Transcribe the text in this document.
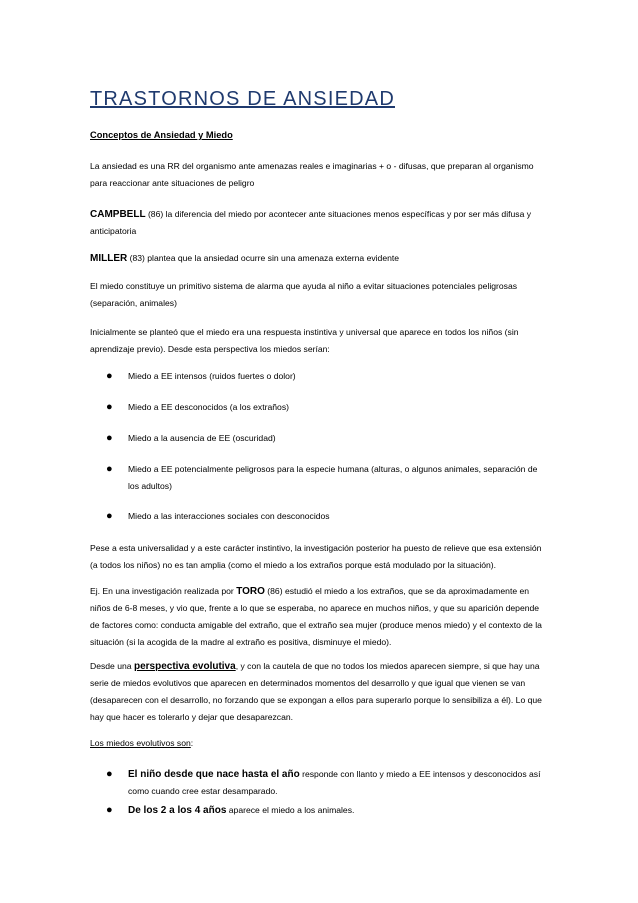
TRASTORNOS DE ANSIEDAD
Conceptos de Ansiedad y Miedo
La ansiedad es una RR del organismo ante amenazas reales e imaginarias + o - difusas, que preparan al organismo
para reaccionar ante situaciones de peligro
CAMPBELL (86) la diferencia del miedo por acontecer ante situaciones menos específicas y por ser más difusa y
anticipatoria
MILLER (83) plantea que la ansiedad ocurre sin una amenaza externa evidente
El miedo constituye un primitivo sistema de alarma que ayuda al niño a evitar situaciones potenciales peligrosas
(separación, animales)
Inicialmente se planteó que el miedo era una respuesta instintiva y universal que aparece en todos los niños (sin
aprendizaje previo). Desde esta perspectiva los miedos serían:
● Miedo a EE intensos (ruidos fuertes o dolor)
● Miedo a EE desconocidos (a los extraños)
● Miedo a la ausencia de EE (oscuridad)
● Miedo a EE potencialmente peligrosos para la especie humana (alturas, o algunos animales, separación de
los adultos)
● Miedo a las interacciones sociales con desconocidos
Pese a esta universalidad y a este carácter instintivo, la investigación posterior ha puesto de relieve que esa extensión
(a todos los niños) no es tan amplia (como el miedo a los extraños porque está modulado por la situación).
Ej. En una investigación realizada por TORO (86) estudió el miedo a los extraños, que se da aproximadamente en
niños de 6-8 meses, y vio que, frente a lo que se esperaba, no aparece en muchos niños, y que su aparición depende
de factores como: conducta amigable del extraño, que el extraño sea mujer (produce menos miedo) y el contexto de la
situación (si la acogida de la madre al extraño es positiva, disminuye el miedo).
Desde una perspectiva evolutiva, y con la cautela de que no todos los miedos aparecen siempre, si que hay una
serie de miedos evolutivos que aparecen en determinados momentos del desarrollo y que igual que vienen se van
(desaparecen con el desarrollo, no forzando que se expongan a ellos para superarlo porque lo sensibiliza a él). Lo que
hay que hacer es tolerarlo y dejar que desaparezcan.
Los miedos evolutivos son:
● El niño desde que nace hasta el año responde con llanto y miedo a EE intensos y desconocidos así
como cuando cree estar desamparado.
● De los 2 a los 4 años aparece el miedo a los animales.
